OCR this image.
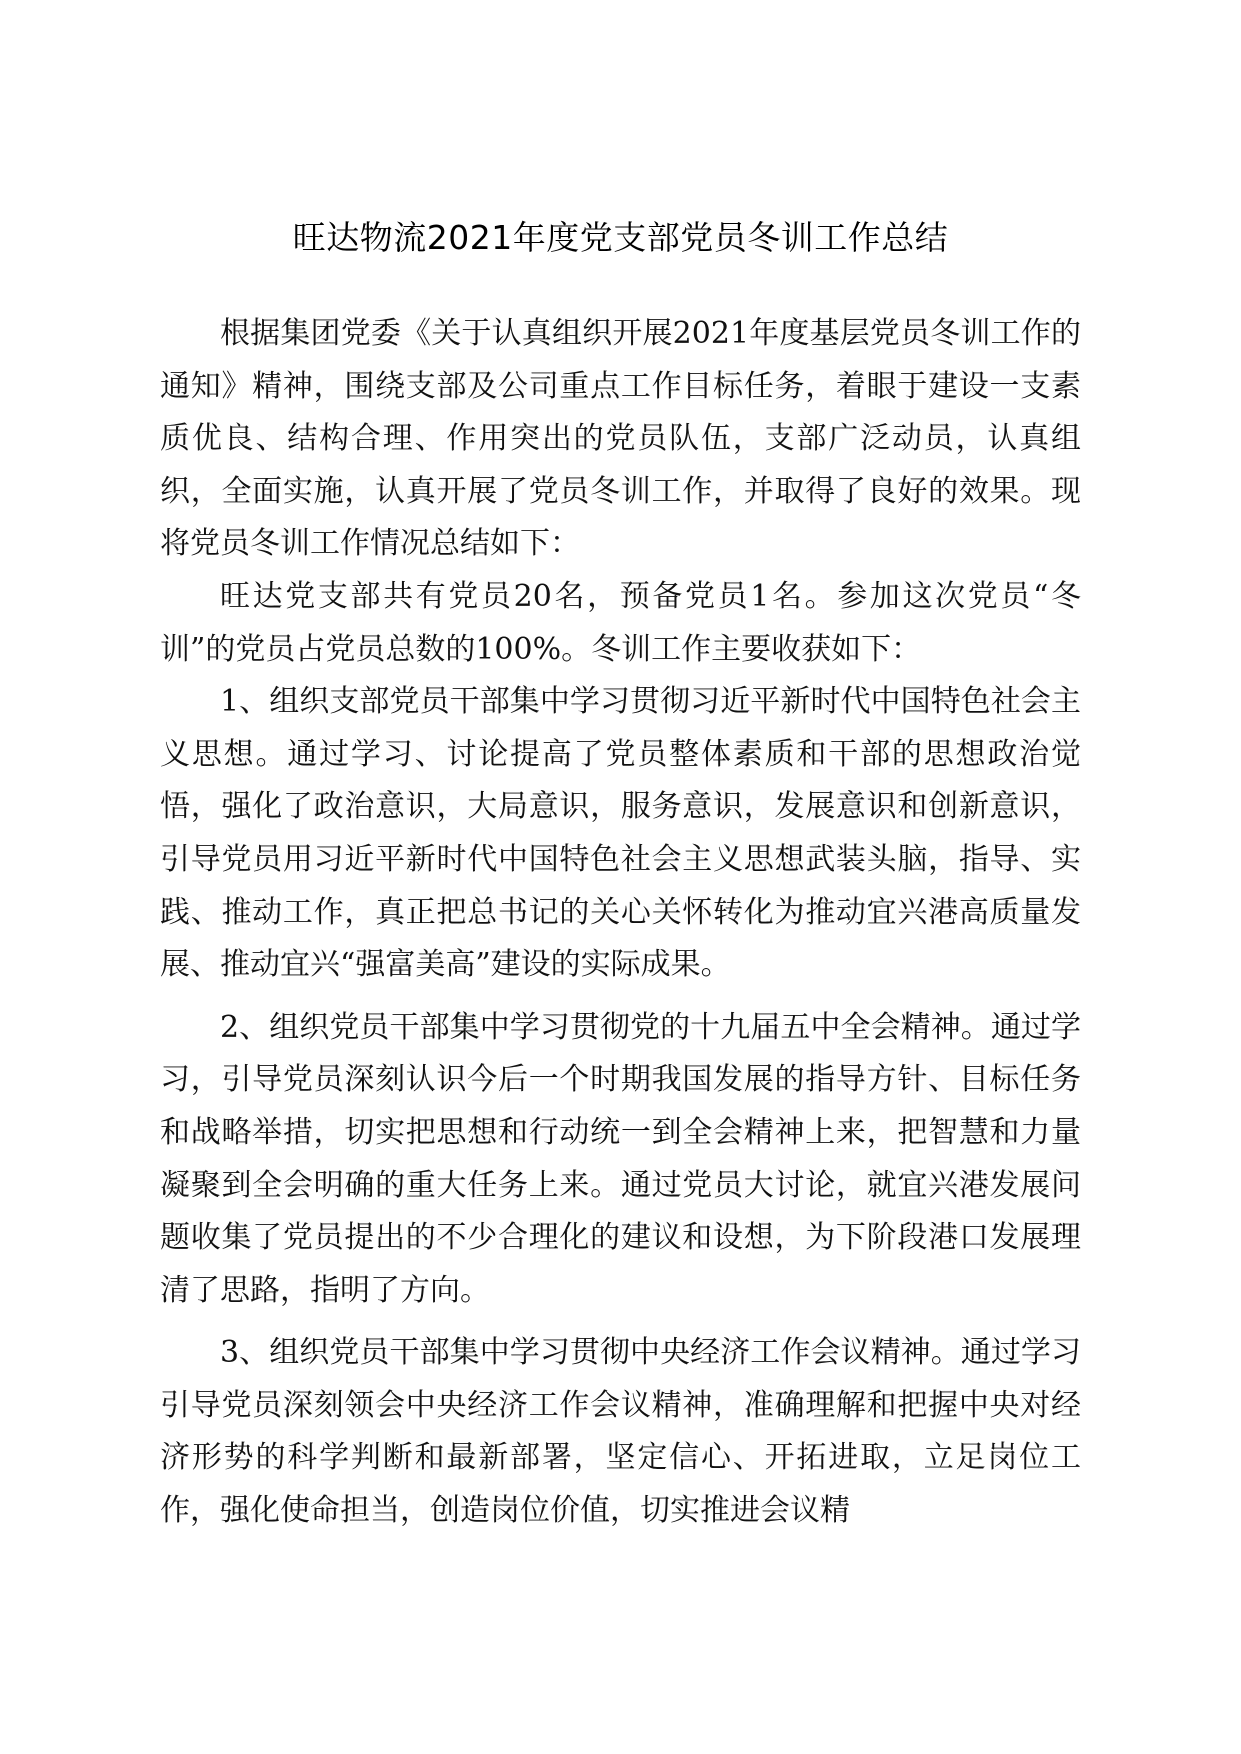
旺达物流2021年度党支部党员冬训工作总结

根据集团党委《关于认真组织开展2021年度基层党员冬训工作的通知》精神，围绕支部及公司重点工作目标任务，着眼于建设一支素质优良、结构合理、作用突出的党员队伍，支部广泛动员，认真组织，全面实施，认真开展了党员冬训工作，并取得了良好的效果。现将党员冬训工作情况总结如下：

旺达党支部共有党员20名，预备党员1名。参加这次党员“冬训”的党员占党员总数的100%。冬训工作主要收获如下：

1、组织支部党员干部集中学习贯彻习近平新时代中国特色社会主义思想。通过学习、讨论提高了党员整体素质和干部的思想政治觉悟，强化了政治意识，大局意识，服务意识，发展意识和创新意识，引导党员用习近平新时代中国特色社会主义思想武装头脑，指导、实践、推动工作，真正把总书记的关心关怀转化为推动宜兴港高质量发展、推动宜兴“强富美高”建设的实际成果。

2、组织党员干部集中学习贯彻党的十九届五中全会精神。通过学习，引导党员深刻认识今后一个时期我国发展的指导方针、目标任务和战略举措，切实把思想和行动统一到全会精神上来，把智慧和力量凝聚到全会明确的重大任务上来。通过党员大讨论，就宜兴港发展问题收集了党员提出的不少合理化的建议和设想，为下阶段港口发展理清了思路，指明了方向。

3、组织党员干部集中学习贯彻中央经济工作会议精神。通过学习引导党员深刻领会中央经济工作会议精神，准确理解和把握中央对经济形势的科学判断和最新部署，坚定信心、开拓进取，立足岗位工作，强化使命担当，创造岗位价值，切实推进会议精
